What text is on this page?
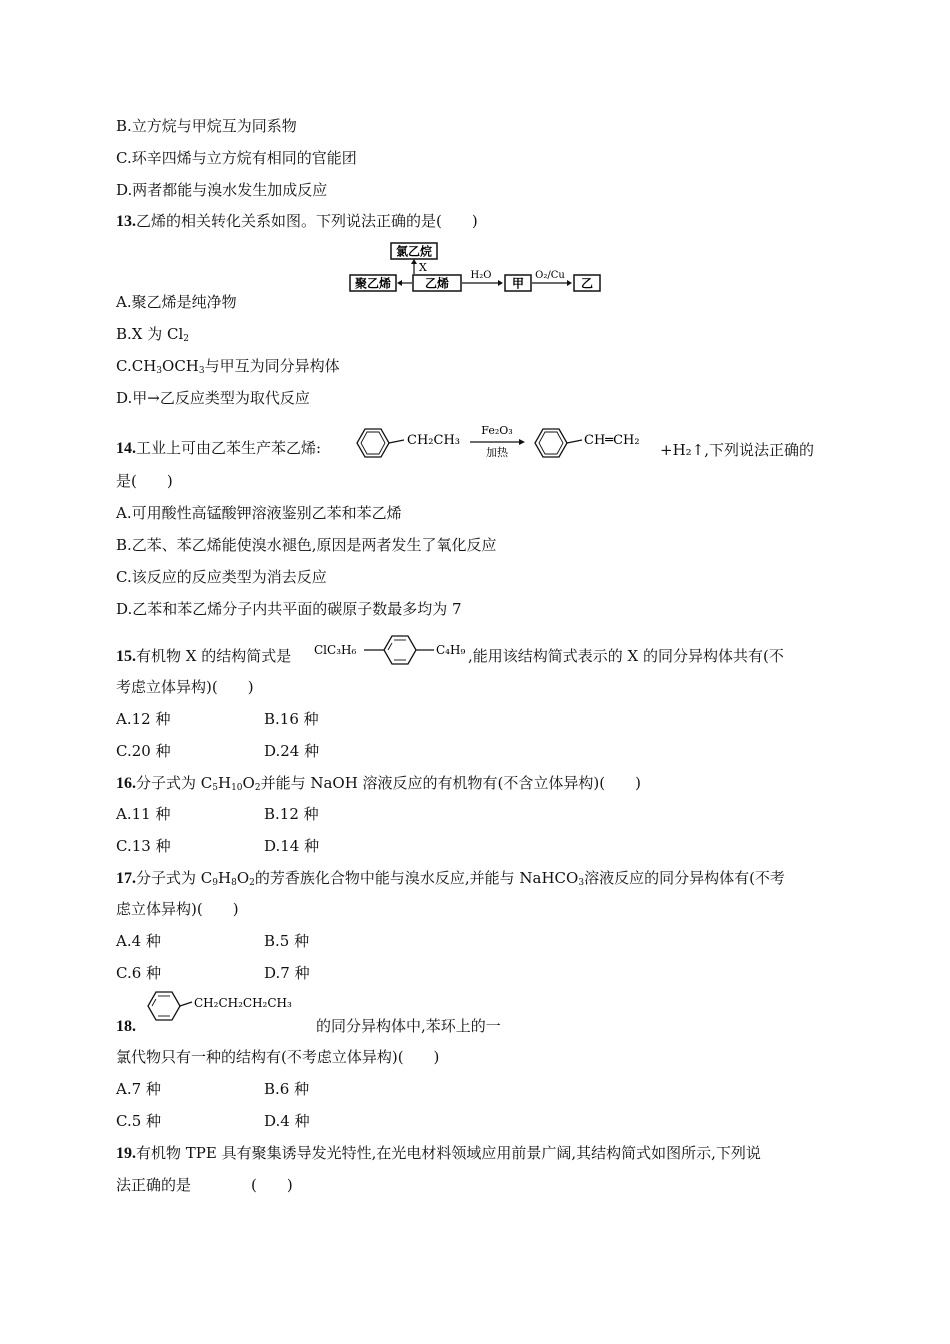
B.立方烷与甲烷互为同系物
C.环辛四烯与立方烷有相同的官能团
D.两者都能与溴水发生加成反应
13.乙烯的相关转化关系如图。下列说法正确的是(　　)
氯乙烷
X
聚乙烯	乙烯
H₂O
甲
O₂/Cu
乙
A.聚乙烯是纯净物
B.X 为 $Cl_2$
$C.CH_3OCH_3$与甲互为同分异构体
D.甲→乙反应类型为取代反应
14.工业上可由乙苯生产苯乙烯:	CH₂CH₃
Fe₂O₃
加热
CH═CH₂
+H₂↑,下列说法正确的
是(　　)
A.可用酸性高锰酸钾溶液鉴别乙苯和苯乙烯
B.乙苯、苯乙烯能使溴水褪色,原因是两者发生了氧化反应
C.该反应的反应类型为消去反应
D.乙苯和苯乙烯分子内共平面的碳原子数最多均为 7
15.有机物 X 的结构简式是 ClC₃H₆	C₄H₉ ,能用该结构简式表示的 X 的同分异构体共有(不
考虑立体异构)(　　)
A.12 种	B.16 种
C.20 种	D.24 种
16.分子式为 $C_5H_{10}O_2$并能与 NaOH 溶液反应的有机物有(不含立体异构)(　　)
A.11 种	B.12 种
C.13 种	D.14 种
17.分子式为 $C_9H_8O_2$的芳香族化合物中能与溴水反应,并能与 NaHCO$_3$溶液反应的同分异构体有(不考
虑立体异构)(　　)
A.4 种	B.5 种
C.6 种	D.7 种
18.
CH₂CH₂CH₂CH₃
的同分异构体中,苯环上的一
氯代物只有一种的结构有(不考虑立体异构)(　　)
A.7 种	B.6 种
C.5 种	D.4 种
19.有机物 TPE 具有聚集诱导发光特性,在光电材料领域应用前景广阔,其结构简式如图所示,下列说
法正确的是　　　　(　　)
